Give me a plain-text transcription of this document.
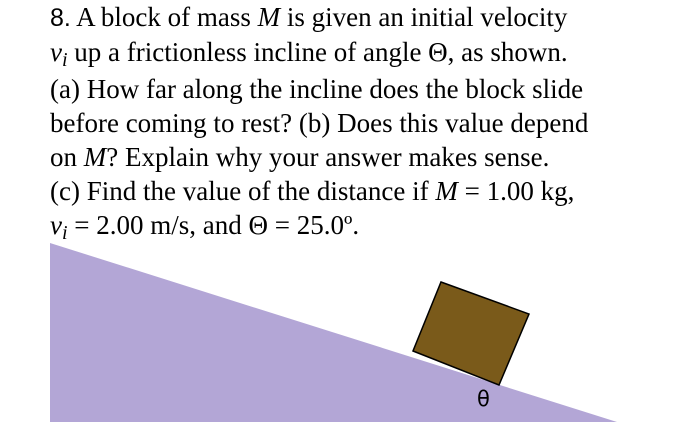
8. A block of mass M is given an initial velocity
vi up a frictionless incline of angle Θ, as shown.
(a) How far along the incline does the block slide
before coming to rest? (b) Does this value depend
on M? Explain why your answer makes sense.
(c) Find the value of the distance if M = 1.00 kg,
vi = 2.00 m/s, and Θ = 25.0º.
θ
